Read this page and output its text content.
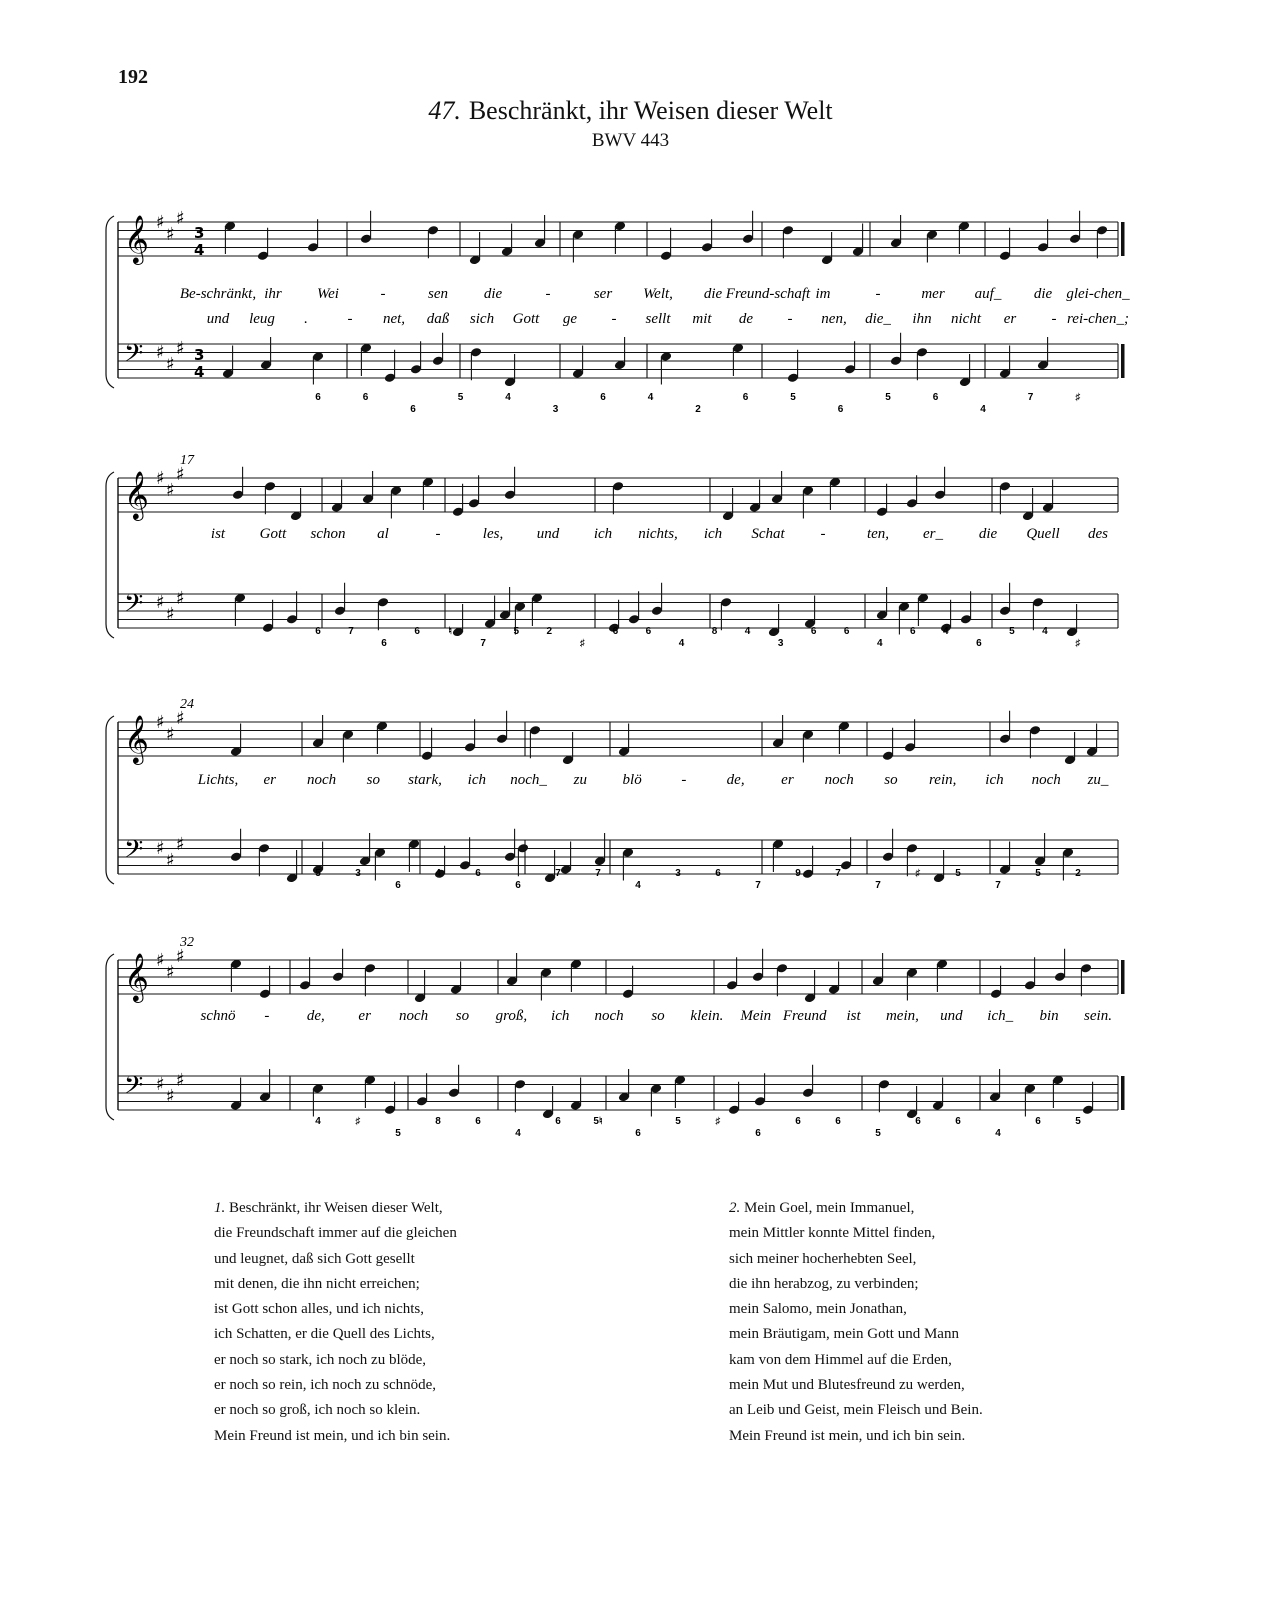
192
47. Beschränkt, ihr Weisen dieser Welt
BWV 443
𝄞
𝄢
♯
♯
♯
♯
♯
♯
3
4
3
4
Be-schränkt, ihr Wei	-	sen die	-	ser Welt, die Freund-schaft im	-	mer auf_ die glei-chen_
und leug .	- net, daß sich Gott ge - sellt mit de - nen, die_ ihn nicht er - rei-chen_;
6	6
6
5	4
3
6	4
2
6	5
6
5	6
4
7	♯
𝄞
𝄢
♯
♯
♯
♯
♯
♯
17
ist Gott schon al	-	les, und ich nichts, ich Schat -	ten, er_ die Quell des
6	7
6
6	♮
7
5	2
♯
6	6
4
8	4
3
6	6
4
6	4
6
5	4
♯
𝄞
𝄢
♯
♯
♯
♯
♯
♯
24
Lichts, er noch so stark, ich noch_ zu blö	-	de, er noch so rein, ich noch zu_
5	3
6
4	6
6
7	7
4
3	6
7
9	7
7
♯	5
7
5	2
𝄞
𝄢
♯
♯
♯
♯
♯
♯
32
schnö - de, er noch so groß, ich noch so klein. Mein Freund ist mein, und ich_ bin sein.
4	♯
5
8	6
4
6	5♮
6
5	♯
6
6	6
5
6	6
4
6	5
1. Beschränkt, ihr Weisen dieser Welt,

die Freundschaft immer auf die gleichen
und leugnet, daß sich Gott gesellt
mit denen, die ihn nicht erreichen;
ist Gott schon alles, und ich nichts,
ich Schatten, er die Quell des Lichts,
er noch so stark, ich noch zu blöde,
er noch so rein, ich noch zu schnöde,
er noch so groß, ich noch so klein.
Mein Freund ist mein, und ich bin sein.
2. Mein Goel, mein Immanuel,

mein Mittler konnte Mittel finden,
sich meiner hocherhebten Seel,
die ihn herabzog, zu verbinden;
mein Salomo, mein Jonathan,
mein Bräutigam, mein Gott und Mann
kam von dem Himmel auf die Erden,
mein Mut und Blutesfreund zu werden,
an Leib und Geist, mein Fleisch und Bein.
Mein Freund ist mein, und ich bin sein.
